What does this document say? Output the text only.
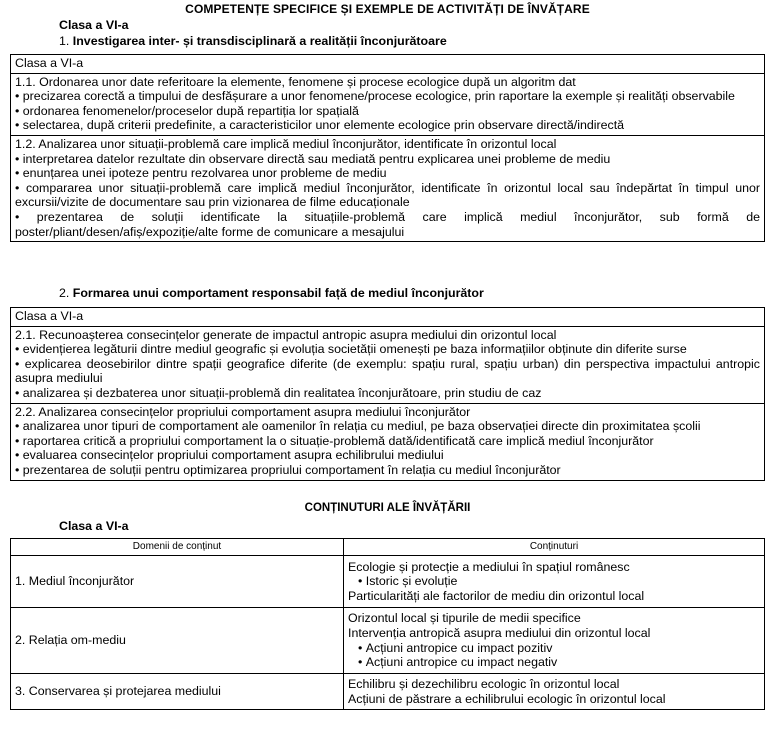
COMPETENȚE SPECIFICE ȘI EXEMPLE DE ACTIVITĂȚI DE ÎNVĂȚARE
Clasa a VI-a
1. Investigarea inter- și transdisciplinară a realității înconjurătoare
Clasa a VI-a
1.1. Ordonarea unor date referitoare la elemente, fenomene și procese ecologice după un algoritm dat
• precizarea corectă a timpului de desfășurare a unor fenomene/procese ecologice, prin raportare la exemple și realități observabile
• ordonarea fenomenelor/proceselor după repartiția lor spațială
• selectarea, după criterii predefinite, a caracteristicilor unor elemente ecologice prin observare directă/indirectă
1.2. Analizarea unor situații-problemă care implică mediul înconjurător, identificate în orizontul local
• interpretarea datelor rezultate din observare directă sau mediată pentru explicarea unei probleme de mediu
• enunțarea unei ipoteze pentru rezolvarea unor probleme de mediu
• compararea unor situații-problemă care implică mediul înconjurător, identificate în orizontul local sau îndepărtat în timpul unor excursii/vizite de documentare sau prin vizionarea de filme educaționale
• prezentarea de soluții identificate la situațiile-problemă care implică mediul înconjurător, sub formă de poster/pliant/desen/afiș/expoziție/alte forme de comunicare a mesajului
2. Formarea unui comportament responsabil față de mediul înconjurător
Clasa a VI-a
2.1. Recunoașterea consecințelor generate de impactul antropic asupra mediului din orizontul local
• evidențierea legăturii dintre mediul geografic și evoluția societății omenești pe baza informațiilor obținute din diferite surse
• explicarea deosebirilor dintre spații geografice diferite (de exemplu: spațiu rural, spațiu urban) din perspectiva impactului antropic asupra mediului
• analizarea și dezbaterea unor situații-problemă din realitatea înconjurătoare, prin studiu de caz
2.2. Analizarea consecințelor propriului comportament asupra mediului înconjurător
• analizarea unor tipuri de comportament ale oamenilor în relația cu mediul, pe baza observației directe din proximitatea școlii
• raportarea critică a propriului comportament la o situație-problemă dată/identificată care implică mediul înconjurător
• evaluarea consecințelor propriului comportament asupra echilibrului mediului
• prezentarea de soluții pentru optimizarea propriului comportament în relația cu mediul înconjurător
CONȚINUTURI ALE ÎNVĂȚĂRII
Clasa a VI-a
Domenii de conținut	Conținuturi
1. Mediul înconjurător	Ecologie și protecție a mediului în spațiul românesc
• Istoric și evoluție
Particularități ale factorilor de mediu din orizontul local

2. Relația om-mediu	Orizontul local și tipurile de medii specifice
Intervenția antropică asupra mediului din orizontul local
• Acțiuni antropice cu impact pozitiv
• Acțiuni antropice cu impact negativ

3. Conservarea și protejarea mediului	Echilibru și dezechilibru ecologic în orizontul local
Acțiuni de păstrare a echilibrului ecologic în orizontul local
